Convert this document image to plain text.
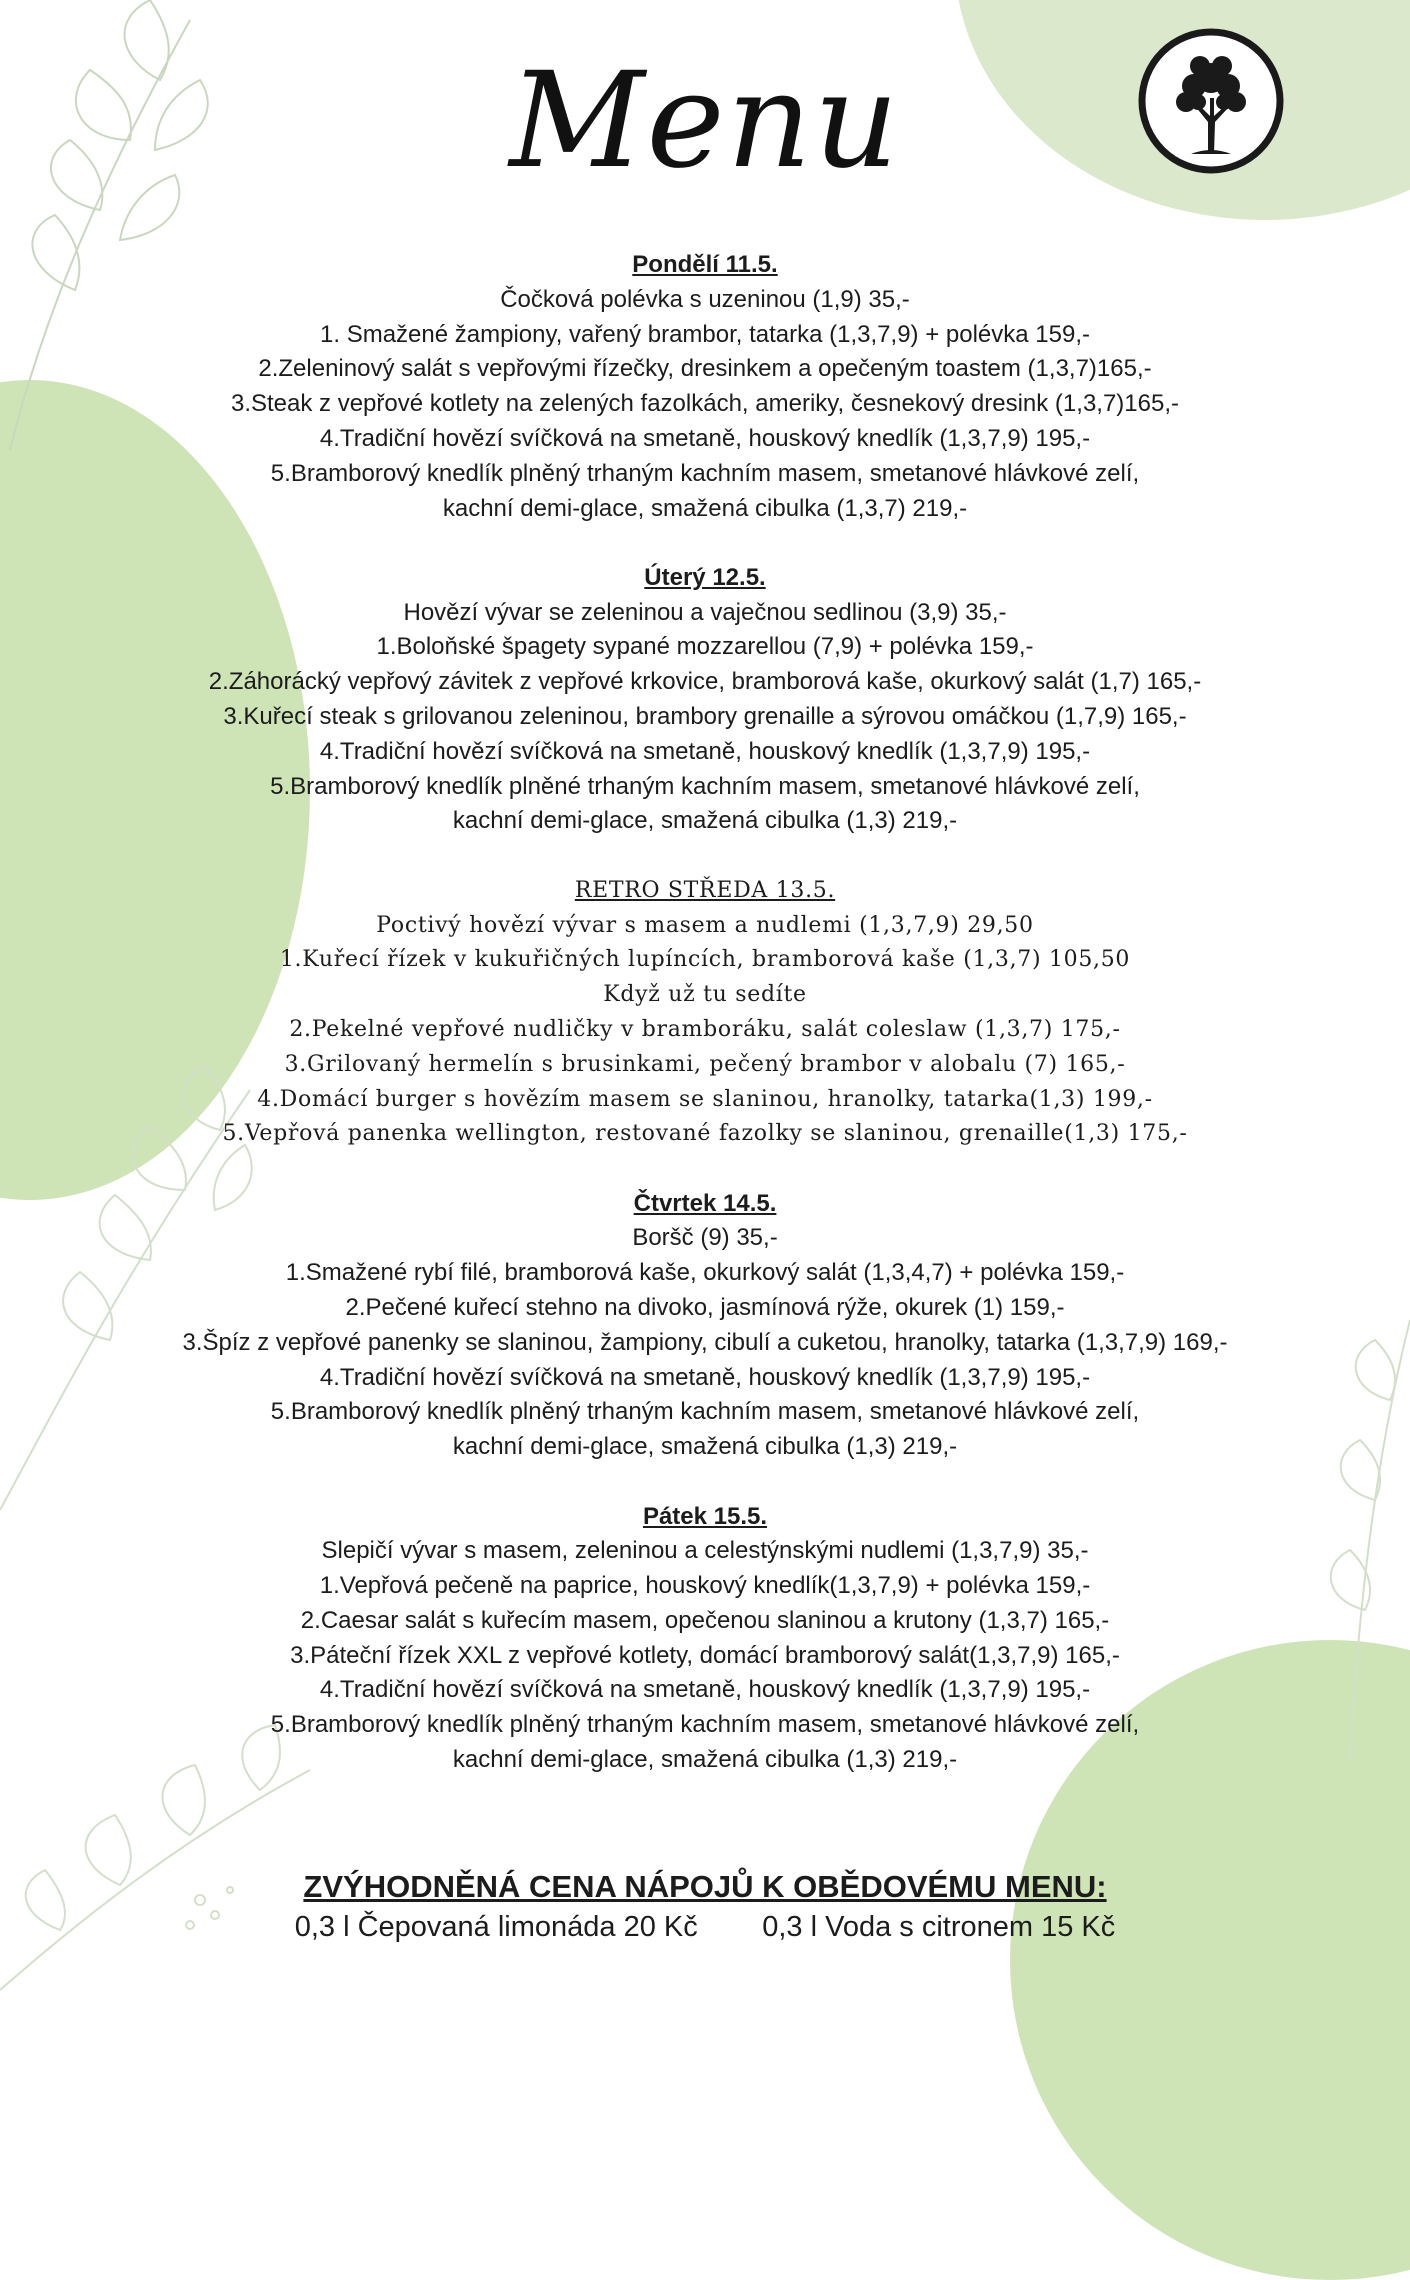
Menu
Pondělí 11.5.
Čočková polévka s uzeninou (1,9) 35,-
1. Smažené žampiony, vařený brambor, tatarka (1,3,7,9) + polévka 159,-
2.Zeleninový salát s vepřovými řízečky, dresinkem a opečeným toastem (1,3,7)165,-
3.Steak z vepřové kotlety na zelených fazolkách, ameriky, česnekový dresink (1,3,7)165,-
4.Tradiční hovězí svíčková na smetaně, houskový knedlík (1,3,7,9) 195,-
5.Bramborový knedlík plněný trhaným kachním masem, smetanové hlávkové zelí,
kachní demi-glace, smažená cibulka (1,3,7) 219,-
Úterý 12.5.
Hovězí vývar se zeleninou a vaječnou sedlinou (3,9) 35,-
1.Boloňské špagety sypané mozzarellou (7,9) + polévka 159,-
2.Záhorácký vepřový závitek z vepřové krkovice, bramborová kaše, okurkový salát (1,7) 165,-
3.Kuřecí steak s grilovanou zeleninou, brambory grenaille a sýrovou omáčkou (1,7,9) 165,-
4.Tradiční hovězí svíčková na smetaně, houskový knedlík (1,3,7,9) 195,-
5.Bramborový knedlík plněné trhaným kachním masem, smetanové hlávkové zelí,
kachní demi-glace, smažená cibulka (1,3) 219,-
RETRO STŘEDA 13.5.
Poctivý hovězí vývar s masem a nudlemi (1,3,7,9) 29,50
1.Kuřecí řízek v kukuřičných lupíncích, bramborová kaše (1,3,7) 105,50
Když už tu sedíte
2.Pekelné vepřové nudličky v bramboráku, salát coleslaw (1,3,7) 175,-
3.Grilovaný hermelín s brusinkami, pečený brambor v alobalu (7) 165,-
4.Domácí burger s hovězím masem se slaninou, hranolky, tatarka(1,3) 199,-
5.Vepřová panenka wellington, restované fazolky se slaninou, grenaille(1,3) 175,-
Čtvrtek 14.5.
Boršč (9) 35,-
1.Smažené rybí filé, bramborová kaše, okurkový salát (1,3,4,7) + polévka 159,-
2.Pečené kuřecí stehno na divoko, jasmínová rýže, okurek (1) 159,-
3.Špíz z vepřové panenky se slaninou, žampiony, cibulí a cuketou, hranolky, tatarka (1,3,7,9) 169,-
4.Tradiční hovězí svíčková na smetaně, houskový knedlík (1,3,7,9) 195,-
5.Bramborový knedlík plněný trhaným kachním masem, smetanové hlávkové zelí,
kachní demi-glace, smažená cibulka (1,3) 219,-
Pátek 15.5.
Slepičí vývar s masem, zeleninou a celestýnskými nudlemi (1,3,7,9) 35,-
1.Vepřová pečeně na paprice, houskový knedlík(1,3,7,9) + polévka 159,-
2.Caesar salát s kuřecím masem, opečenou slaninou a krutony (1,3,7) 165,-
3.Páteční řízek XXL z vepřové kotlety, domácí bramborový salát(1,3,7,9) 165,-
4.Tradiční hovězí svíčková na smetaně, houskový knedlík (1,3,7,9) 195,-
5.Bramborový knedlík plněný trhaným kachním masem, smetanové hlávkové zelí,
kachní demi-glace, smažená cibulka (1,3) 219,-
ZVÝHODNĚNÁ CENA NÁPOJŮ K OBĚDOVÉMU MENU:
0,3 l Čepovaná limonáda 20 Kč 0,3 l Voda s citronem 15 Kč
